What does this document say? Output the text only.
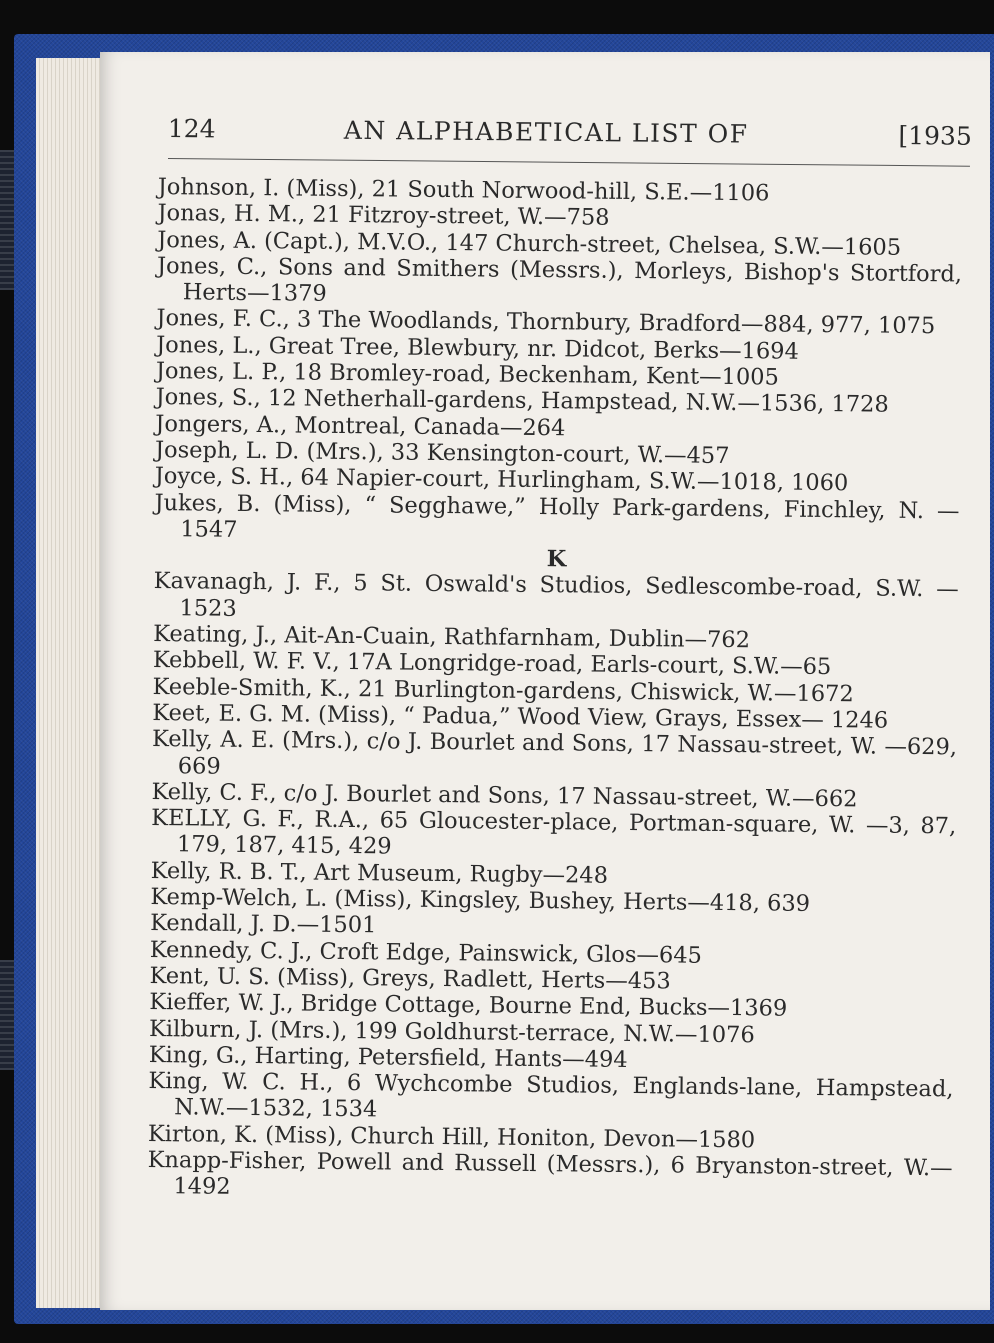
124	AN ALPHABETICAL LIST OF	[1935

Johnson, I. (Miss), 21 South Norwood-hill, S.E.—1106

Jonas, H. M., 21 Fitzroy-street, W.—758

Jones, A. (Capt.), M.V.O., 147 Church-street, Chelsea, S.W.—1605

Jones, C., Sons and Smithers (Messrs.), Morleys, Bishop's Stortford, Herts—1379

Jones, F. C., 3 The Woodlands, Thornbury, Bradford—884, 977, 1075

Jones, L., Great Tree, Blewbury, nr. Didcot, Berks—1694

Jones, L. P., 18 Bromley-road, Beckenham, Kent—1005

Jones, S., 12 Netherhall-gardens, Hampstead, N.W.—1536, 1728

Jongers, A., Montreal, Canada—264

Joseph, L. D. (Mrs.), 33 Kensington-court, W.—457

Joyce, S. H., 64 Napier-court, Hurlingham, S.W.—1018, 1060

Jukes, B. (Miss), “ Segghawe,” Holly Park-gardens, Finchley, N. —1547

K

Kavanagh, J. F., 5 St. Oswald's Studios, Sedlescombe-road, S.W. —1523

Keating, J., Ait-An-Cuain, Rathfarnham, Dublin—762

Kebbell, W. F. V., 17A Longridge-road, Earls-court, S.W.—65

Keeble-Smith, K., 21 Burlington-gardens, Chiswick, W.—1672

Keet, E. G. M. (Miss), “ Padua,” Wood View, Grays, Essex— 1246

Kelly, A. E. (Mrs.), c/o J. Bourlet and Sons, 17 Nassau-street, W. —629, 669

Kelly, C. F., c/o J. Bourlet and Sons, 17 Nassau-street, W.—662

KELLY, G. F., R.A., 65 Gloucester-place, Portman-square, W. —3, 87, 179, 187, 415, 429

Kelly, R. B. T., Art Museum, Rugby—248

Kemp-Welch, L. (Miss), Kingsley, Bushey, Herts—418, 639

Kendall, J. D.—1501

Kennedy, C. J., Croft Edge, Painswick, Glos—645

Kent, U. S. (Miss), Greys, Radlett, Herts—453

Kieffer, W. J., Bridge Cottage, Bourne End, Bucks—1369

Kilburn, J. (Mrs.), 199 Goldhurst-terrace, N.W.—1076

King, G., Harting, Petersfield, Hants—494

King, W. C. H., 6 Wychcombe Studios, Englands-lane, Hampstead, N.W.—1532, 1534

Kirton, K. (Miss), Church Hill, Honiton, Devon—1580

Knapp-Fisher, Powell and Russell (Messrs.), 6 Bryanston-street, W.—1492
